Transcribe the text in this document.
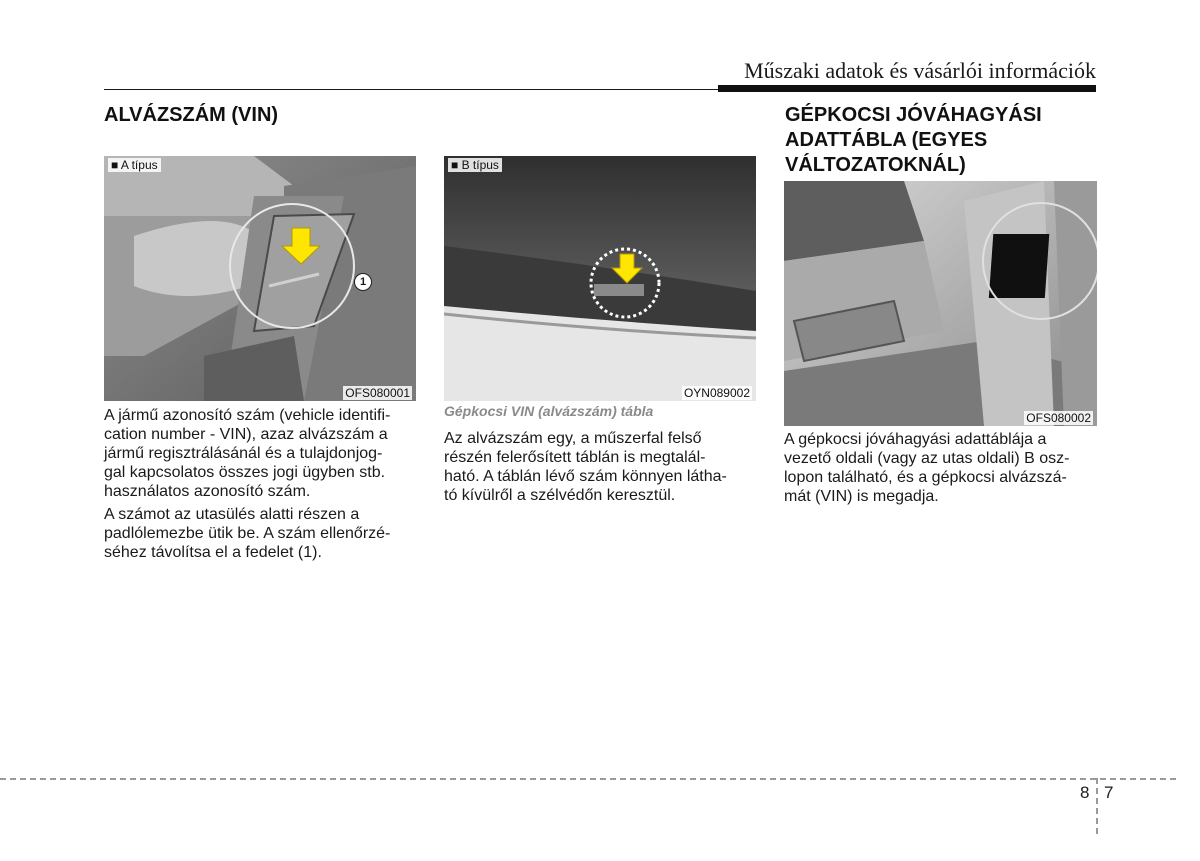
Műszaki adatok és vásárlói információk
ALVÁZSZÁM (VIN)
1
■ A típus
OFS080001
■ B típus
OYN089002
Gépkocsi VIN (alvázszám) tábla
A jármű azonosító szám (vehicle identifi-
cation number - VIN), azaz alvázszám a
jármű regisztrálásánál és a tulajdonjog-
gal kapcsolatos összes jogi ügyben stb.
használatos azonosító szám.
A számot az utasülés alatti részen a
padlólemezbe ütik be. A szám ellenőrzé-
séhez távolítsa el a fedelet (1).
Az alvázszám egy, a műszerfal felső
részén felerősített táblán is megtalál-
ható. A táblán lévő szám könnyen látha-
tó kívülről a szélvédőn keresztül.
GÉPKOCSI JÓVÁHAGYÁSI
ADATTÁBLA (EGYES
VÁLTOZATOKNÁL)
OFS080002
A gépkocsi jóváhagyási adattáblája a
vezető oldali (vagy az utas oldali) B osz-
lopon található, és a gépkocsi alvázszá-
mát (VIN) is megadja.
8 7
